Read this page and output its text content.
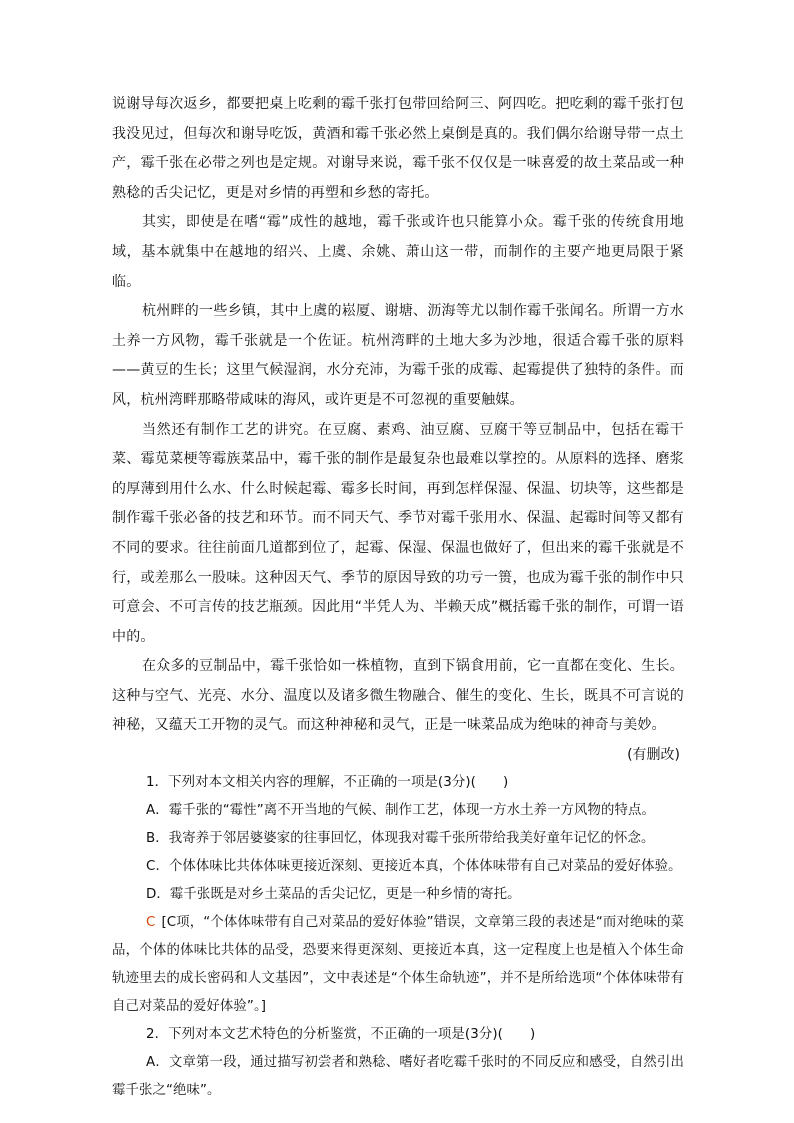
说谢导每次返乡，都要把桌上吃剩的霉千张打包带回给阿三、阿四吃。把吃剩的霉千张打包我没见过，但每次和谢导吃饭，黄酒和霉千张必然上桌倒是真的。我们偶尔给谢导带一点土产，霉千张在必带之列也是定规。对谢导来说，霉千张不仅仅是一味喜爱的故土菜品或一种熟稔的舌尖记忆，更是对乡情的再塑和乡愁的寄托。

其实，即使是在嗜“霉”成性的越地，霉千张或许也只能算小众。霉千张的传统食用地域，基本就集中在越地的绍兴、上虞、余姚、萧山这一带，而制作的主要产地更局限于紧临。

杭州畔的一些乡镇，其中上虞的崧厦、谢塘、沥海等尤以制作霉千张闻名。所谓一方水土养一方风物，霉千张就是一个佐证。杭州湾畔的土地大多为沙地，很适合霉千张的原料——黄豆的生长；这里气候湿润，水分充沛，为霉千张的成霉、起霉提供了独特的条件。而风，杭州湾畔那略带咸味的海风，或许更是不可忽视的重要触媒。

当然还有制作工艺的讲究。在豆腐、素鸡、油豆腐、豆腐干等豆制品中，包括在霉干菜、霉苋菜梗等霉族菜品中，霉千张的制作是最复杂也最难以掌控的。从原料的选择、磨浆的厚薄到用什么水、什么时候起霉、霉多长时间，再到怎样保湿、保温、切块等，这些都是制作霉千张必备的技艺和环节。而不同天气、季节对霉千张用水、保温、起霉时间等又都有不同的要求。往往前面几道都到位了，起霉、保湿、保温也做好了，但出来的霉千张就是不行，或差那么一股味。这种因天气、季节的原因导致的功亏一篑，也成为霉千张的制作中只可意会、不可言传的技艺瓶颈。因此用“半凭人为、半赖天成”概括霉千张的制作，可谓一语中的。

在众多的豆制品中，霉千张恰如一株植物，直到下锅食用前，它一直都在变化、生长。这种与空气、光亮、水分、温度以及诸多微生物融合、催生的变化、生长，既具不可言说的神秘，又蕴天工开物的灵气。而这种神秘和灵气，正是一味菜品成为绝味的神奇与美妙。

(有删改)

1．下列对本文相关内容的理解，不正确的一项是(3分)(　　)

A．霉千张的“霉性”离不开当地的气候、制作工艺，体现一方水土养一方风物的特点。

B．我寄养于邻居婆婆家的往事回忆，体现我对霉千张所带给我美好童年记忆的怀念。

C．个体体味比共体体味更接近深刻、更接近本真，个体体味带有自己对菜品的爱好体验。

D．霉千张既是对乡土菜品的舌尖记忆，更是一种乡情的寄托。

C [C项，“个体体味带有自己对菜品的爱好体验”错误，文章第三段的表述是“而对绝味的菜品，个体的体味比共体的品受，恐要来得更深刻、更接近本真，这一定程度上也是植入个体生命轨迹里去的成长密码和人文基因”，文中表述是“个体生命轨迹”，并不是所给选项“个体体味带有自己对菜品的爱好体验”。]

2．下列对本文艺术特色的分析鉴赏，不正确的一项是(3分)(　　)

A．文章第一段，通过描写初尝者和熟稔、嗜好者吃霉千张时的不同反应和感受，自然引出霉千张之“绝味”。
